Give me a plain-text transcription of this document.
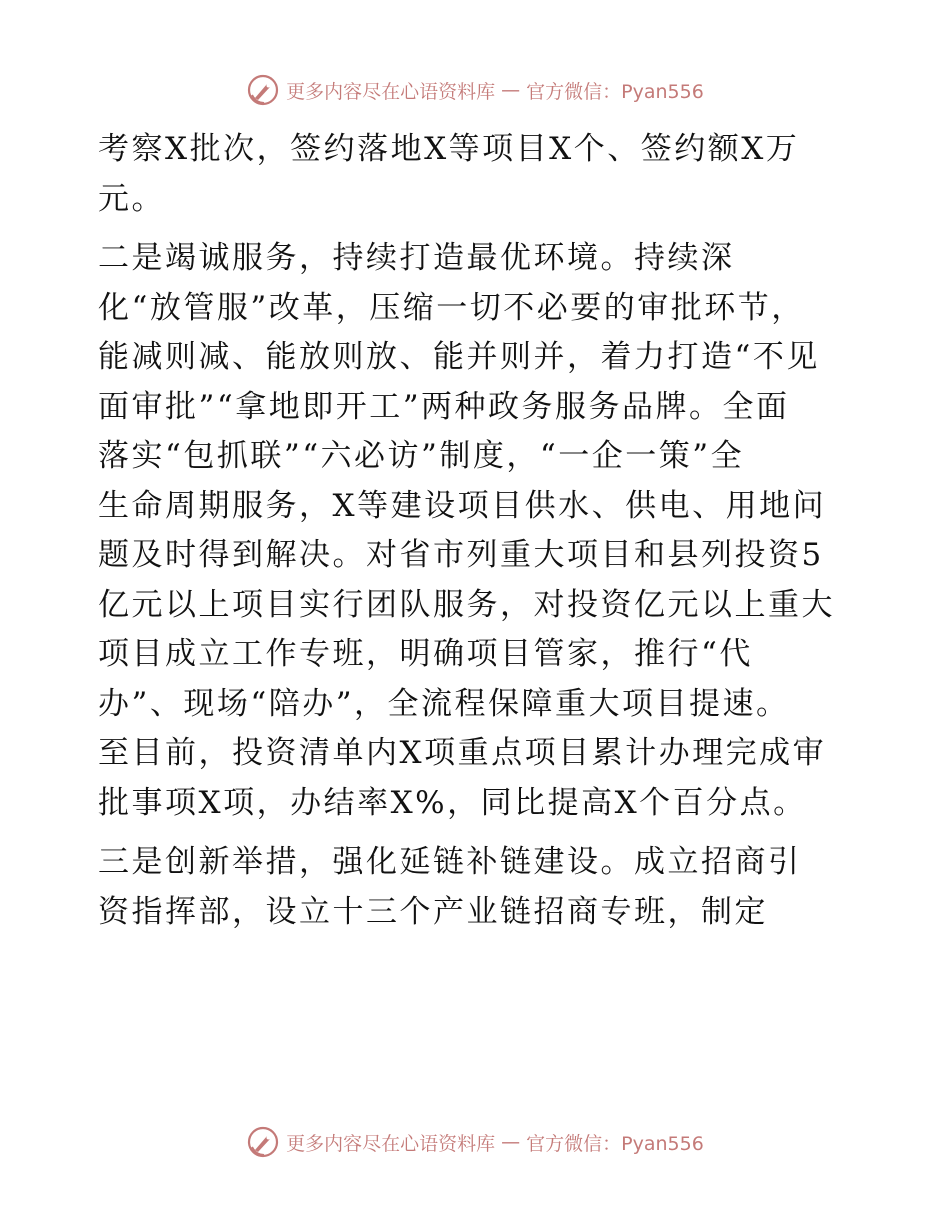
更多内容尽在心语资料库 — 官方微信：Pyan556

考察X批次，签约落地X等项目X个、签约额X万
元。

二是竭诚服务，持续打造最优环境。持续深
化“放管服”改革，压缩一切不必要的审批环节，
能减则减、能放则放、能并则并，着力打造“不见
面审批”“拿地即开工”两种政务服务品牌。全面
落实“包抓联”“六必访”制度，“一企一策”全
生命周期服务，X等建设项目供水、供电、用地问
题及时得到解决。对省市列重大项目和县列投资5
亿元以上项目实行团队服务，对投资亿元以上重大
项目成立工作专班，明确项目管家，推行“代
办”、现场“陪办”，全流程保障重大项目提速。
至目前，投资清单内X项重点项目累计办理完成审
批事项X项，办结率X%，同比提高X个百分点。

三是创新举措，强化延链补链建设。成立招商引
资指挥部，设立十三个产业链招商专班，制定

更多内容尽在心语资料库 — 官方微信：Pyan556
